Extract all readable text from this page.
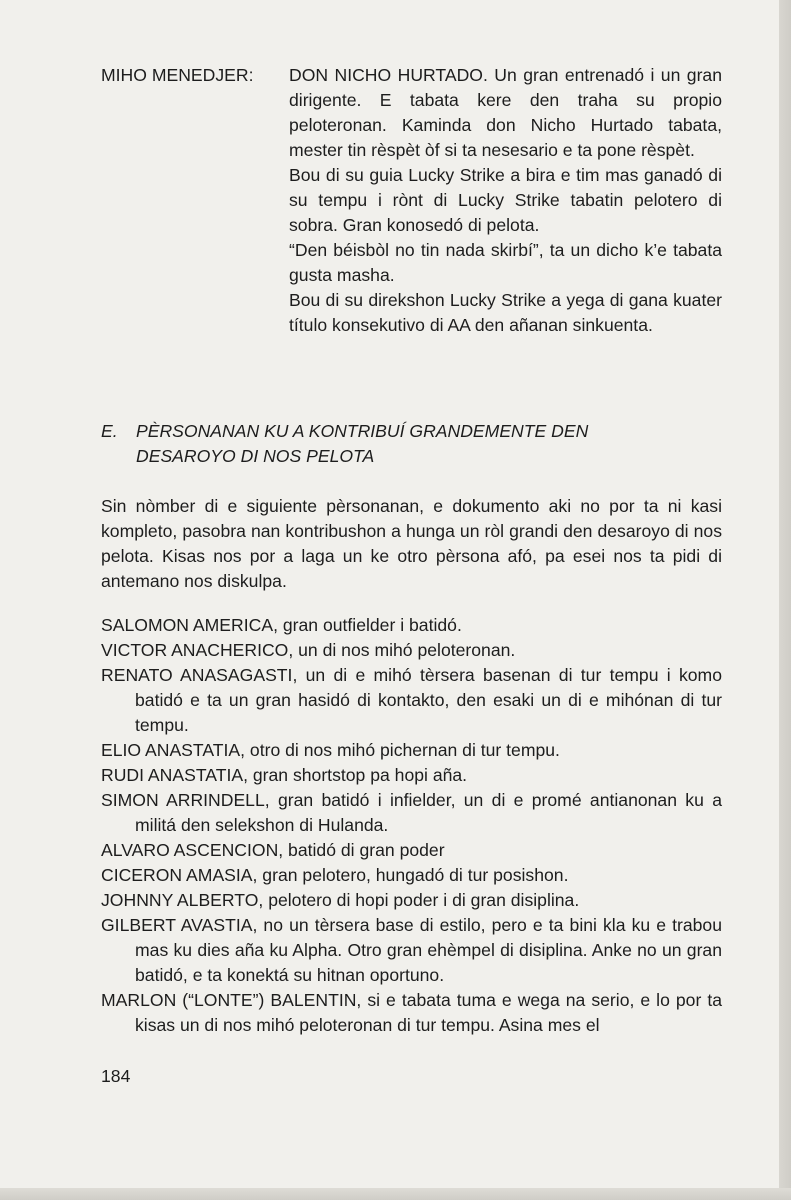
MIHO MENEDJER: DON NICHO HURTADO. Un gran entrenadó i un gran dirigente. E tabata kere den traha su propio peloteronan. Kaminda don Nicho Hurtado tabata, mester tin rèspèt òf si ta nesesario e ta pone rèspèt.

Bou di su guia Lucky Strike a bira e tim mas ganadó di su tempu i rònt di Lucky Strike tabatin pelotero di sobra. Gran konosedó di pelota.

“Den béisbòl no tin nada skirbí”, ta un dicho k’e tabata gusta masha.

Bou di su direkshon Lucky Strike a yega di gana kuater título konsekutivo di AA den añanan sinkuenta.

E.	PÈRSONANAN KU A KONTRIBUÍ GRANDEMENTE DEN
DESAROYO DI NOS PELOTA

Sin nòmber di e siguiente pèrsonanan, e dokumento aki no por ta ni kasi kompleto, pasobra nan kontribushon a hunga un ròl grandi den desaroyo di nos pelota. Kisas nos por a laga un ke otro pèrsona afó, pa esei nos ta pidi di antemano nos diskulpa.

SALOMON AMERICA, gran outfielder i batidó.
VICTOR ANACHERICO, un di nos mihó peloteronan.
RENATO ANASAGASTI, un di e mihó tèrsera basenan di tur tempu i komo batidó e ta un gran hasidó di kontakto, den esaki un di e mihónan di tur tempu.
ELIO ANASTATIA, otro di nos mihó pichernan di tur tempu.
RUDI ANASTATIA, gran shortstop pa hopi aña.
SIMON ARRINDELL, gran batidó i infielder, un di e promé antianonan ku a militá den selekshon di Hulanda.
ALVARO ASCENCION, batidó di gran poder
CICERON AMASIA, gran pelotero, hungadó di tur posishon.
JOHNNY ALBERTO, pelotero di hopi poder i di gran disiplina.
GILBERT AVASTIA, no un tèrsera base di estilo, pero e ta bini kla ku e trabou mas ku dies aña ku Alpha. Otro gran ehèmpel di disiplina. Anke no un gran batidó, e ta konektá su hitnan oportuno.
MARLON (“LONTE”) BALENTIN, si e tabata tuma e wega na serio, e lo por ta kisas un di nos mihó peloteronan di tur tempu. Asina mes el
184
